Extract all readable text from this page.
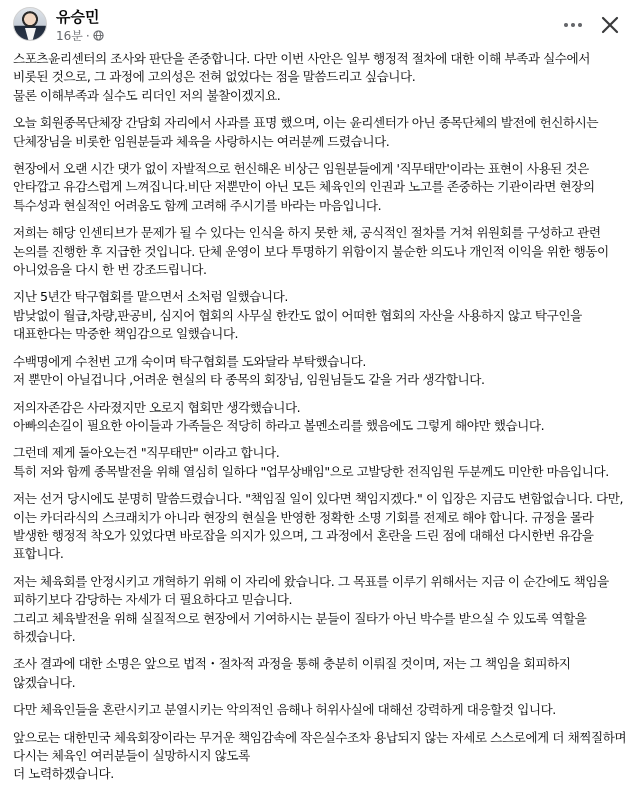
유승민
16분 ·

스포츠윤리센터의 조사와 판단을 존중합니다. 다만 이번 사안은 일부 행정적 절차에 대한 이해 부족과 실수에서 비롯된 것으로, 그 과정에 고의성은 전혀 없었다는 점을 말씀드리고 싶습니다.
물론 이해부족과 실수도 리더인 저의 불찰이겠지요.

오늘 회원종목단체장 간담회 자리에서 사과를 표명 했으며, 이는 윤리센터가 아닌 종목단체의 발전에 헌신하시는 단체장님을 비롯한 임원분들과 체육을 사랑하시는 여러분께 드렸습니다.

현장에서 오랜 시간 댓가 없이 자발적으로 헌신해온 비상근 임원분들에게 '직무태만'이라는 표현이 사용된 것은 안타깝고 유감스럽게 느껴집니다.비단 저뿐만이 아닌 모든 체육인의 인권과 노고를 존중하는 기관이라면 현장의 특수성과 현실적인 어려움도 함께 고려해 주시기를 바라는 마음입니다.

저희는 해당 인센티브가 문제가 될 수 있다는 인식을 하지 못한 채, 공식적인 절차를 거쳐 위원회를 구성하고 관련 논의를 진행한 후 지급한 것입니다. 단체 운영이 보다 투명하기 위함이지 불순한 의도나 개인적 이익을 위한 행동이 아니었음을 다시 한 번 강조드립니다.

지난 5년간 탁구협회를 맡으면서 소처럼 일했습니다.
밤낮없이 월급,차량,판공비, 심지어 협회의 사무실 한칸도 없이 어떠한 협회의 자산을 사용하지 않고 탁구인을 대표한다는 막중한 책임감으로 일했습니다.

수백명에게 수천번 고개 숙이며 탁구협회를 도와달라 부탁했습니다.
저 뿐만이 아닐겁니다 ,어려운 현실의 타 종목의 회장님, 임원님들도 같을 거라 생각합니다.

저의자존감은 사라졌지만 오로지 협회만 생각했습니다.
아빠의손길이 필요한 아이들과 가족들은 적당히 하라고 볼멘소리를 했음에도 그렇게 해야만 했습니다.

그런데 제게 돌아오는건 "직무태만" 이라고 합니다.
특히 저와 함께 종목발전을 위해 열심히 일하다 "업무상배임"으로 고발당한 전직임원 두분께도 미안한 마음입니다.

저는 선거 당시에도 분명히 말씀드렸습니다. "책임질 일이 있다면 책임지겠다." 이 입장은 지금도 변함없습니다. 다만, 이는 카더라식의 스크래치가 아니라 현장의 현실을 반영한 정확한 소명 기회를 전제로 해야 합니다. 규정을 몰라 발생한 행정적 착오가 있었다면 바로잡을 의지가 있으며, 그 과정에서 혼란을 드린 점에 대해선 다시한번 유감을 표합니다.

저는 체육회를 안정시키고 개혁하기 위해 이 자리에 왔습니다. 그 목표를 이루기 위해서는 지금 이 순간에도 책임을 피하기보다 감당하는 자세가 더 필요하다고 믿습니다.
그리고 체육발전을 위해 실질적으로 현장에서 기여하시는 분들이 질타가 아닌 박수를 받으실 수 있도록 역할을 하겠습니다.

조사 결과에 대한 소명은 앞으로 법적・절차적 과정을 통해 충분히 이뤄질 것이며, 저는 그 책임을 회피하지 않겠습니다.

다만 체육인들을 혼란시키고 분열시키는 악의적인 음해나 허위사실에 대해선 강력하게 대응할것 입니다.

앞으로는 대한민국 체육회장이라는 무거운 책임감속에 작은실수조차 용납되지 않는 자세로 스스로에게 더 채찍질하며 다시는 체육인 여러분들이 실망하시지 않도록
더 노력하겠습니다.
